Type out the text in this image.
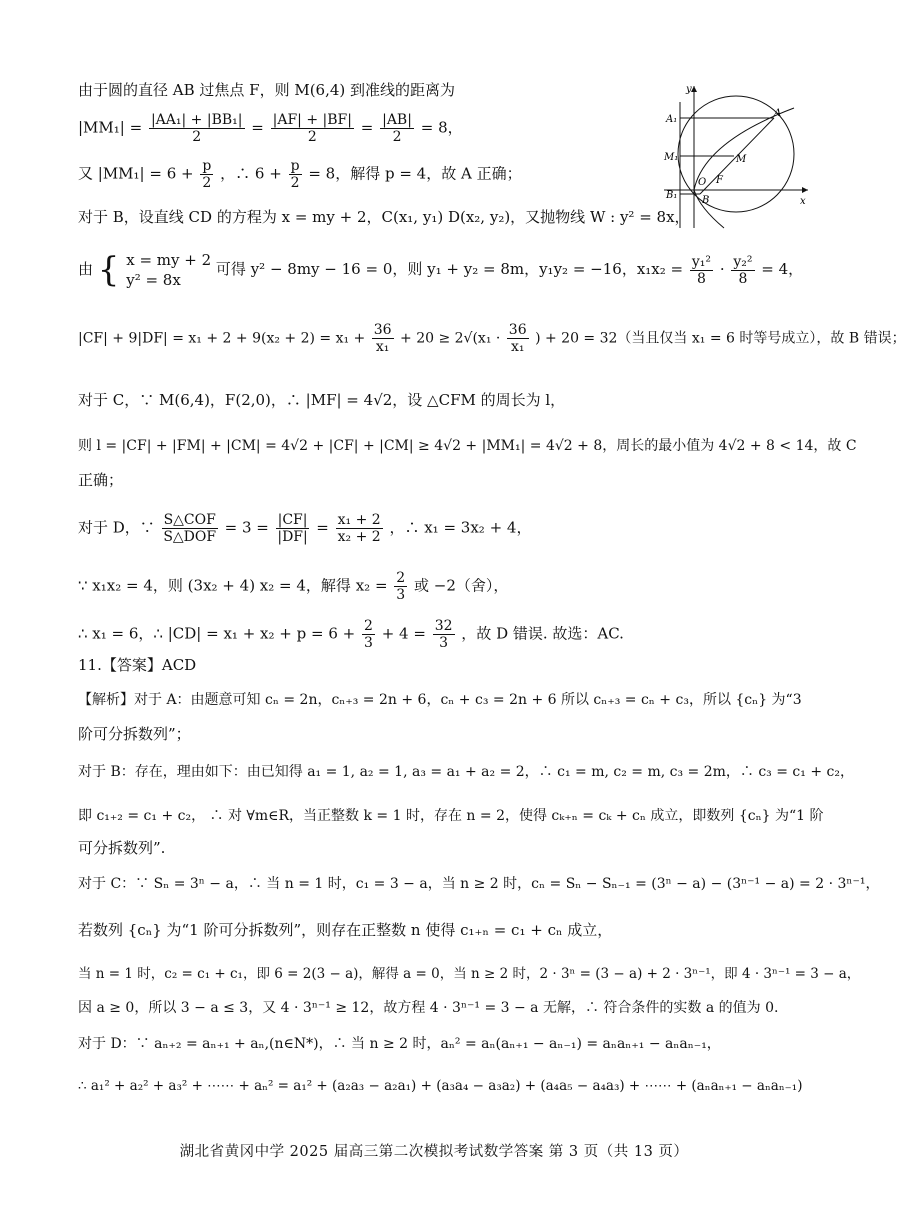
由于圆的直径 AB 过焦点 F，则 M(6,4) 到准线的距离为
$|MM_1| = \frac{\text{|AA₁| + |BB₁|}}{2} = \frac{|AF| + |BF|}{2} = \frac{|AB|}{2} = 8$，
又 $|MM_1| = 6 + \frac{p}{2}$ ，∴ $6 + \frac{p}{2} = 8$，解得 p = 4，故 A 正确；
对于 B，设直线 CD 的方程为 x = my + 2，C(x₁, y₁) D(x₂, y₂)，又抛物线 W : y² = 8x，
由 { x = my + 2
y² = 8x
可得 y² − 8my − 16 = 0，则 y₁ + y₂ = 8m，y₁y₂ = −16，$x_1x_2 = \frac{\text{y₁²}}{8} \cdot \frac{\text{y₂²}}{8} = 4$，
$|CF| + 9|DF| = x_1 + 2 + 9(x_2 + 2) = x_1 + \frac{36}{\text{x₁}} + 20 \ge 2√(x_1 \cdot \frac{36}{\text{x₁}}$ ) + 20 = 32（当且仅当 x₁ = 6 时等号成立），故 B 错误；
对于 C，∵ M(6,4)，F(2,0)，∴ |MF| = 4√2，设 △CFM 的周长为 l，
则 l = |CF| + |FM| + |CM| = 4√2 + |CF| + |CM| ≥ 4√2 + |MM₁| = 4√2 + 8，周长的最小值为 4√2 + 8 < 14，故 C
正确；
对于 D，∵ $\frac{\text{S△COF}}{\text{S△DOF}} = 3 = \frac{|CF|}{|DF|} = \frac{\text{x₁ + 2}}{\text{x₂ + 2}}$ ，∴ x₁ = 3x₂ + 4，
∵ x₁x₂ = 4，则 (3x₂ + 4) x₂ = 4，解得 $x_2 = \frac{2}{3}$ 或 −2（舍），
∴ x₁ = 6，∴ $|CD| = x_1 + x_2 + p = 6 + \frac{2}{3} + 4 = \frac{32}{3}$ ，故 D 错误. 故选：AC.
11.【答案】ACD
【解析】对于 A：由题意可知 cₙ = 2n，cₙ₊₃ = 2n + 6，cₙ + c₃ = 2n + 6 所以 cₙ₊₃ = cₙ + c₃，所以 {cₙ} 为“3
阶可分拆数列”；
对于 B：存在，理由如下：由已知得 a₁ = 1, a₂ = 1, a₃ = a₁ + a₂ = 2，∴ c₁ = m, c₂ = m, c₃ = 2m，∴ c₃ = c₁ + c₂，
即 c₁₊₂ = c₁ + c₂， ∴ 对 ∀m∈R，当正整数 k = 1 时，存在 n = 2，使得 cₖ₊ₙ = cₖ + cₙ 成立，即数列 {cₙ} 为“1 阶
可分拆数列”.
对于 C：∵ Sₙ = 3ⁿ − a，∴ 当 n = 1 时，c₁ = 3 − a，当 n ≥ 2 时，cₙ = Sₙ − Sₙ₋₁ = (3ⁿ − a) − (3ⁿ⁻¹ − a) = 2 · 3ⁿ⁻¹，
若数列 {cₙ} 为“1 阶可分拆数列”，则存在正整数 n 使得 c₁₊ₙ = c₁ + cₙ 成立，
当 n = 1 时，c₂ = c₁ + c₁，即 6 = 2(3 − a)，解得 a = 0，当 n ≥ 2 时，2 · 3ⁿ = (3 − a) + 2 · 3ⁿ⁻¹，即 4 · 3ⁿ⁻¹ = 3 − a，
因 a ≥ 0，所以 3 − a ≤ 3，又 4 · 3ⁿ⁻¹ ≥ 12，故方程 4 · 3ⁿ⁻¹ = 3 − a 无解，∴ 符合条件的实数 a 的值为 0.
对于 D：∵ aₙ₊₂ = aₙ₊₁ + aₙ,(n∈N*)，∴ 当 n ≥ 2 时，aₙ² = aₙ(aₙ₊₁ − aₙ₋₁) = aₙaₙ₊₁ − aₙaₙ₋₁，
∴ a₁² + a₂² + a₃² + ⋯⋯ + aₙ² = a₁² + (a₂a₃ − a₂a₁) + (a₃a₄ − a₃a₂) + (a₄a₅ − a₄a₃) + ⋯⋯ + (aₙaₙ₊₁ − aₙaₙ₋₁)
y
x
A₁
A
M₁	M
O F
B₁ B
湖北省黄冈中学 2025 届高三第二次模拟考试数学答案 第 3 页（共 13 页）
